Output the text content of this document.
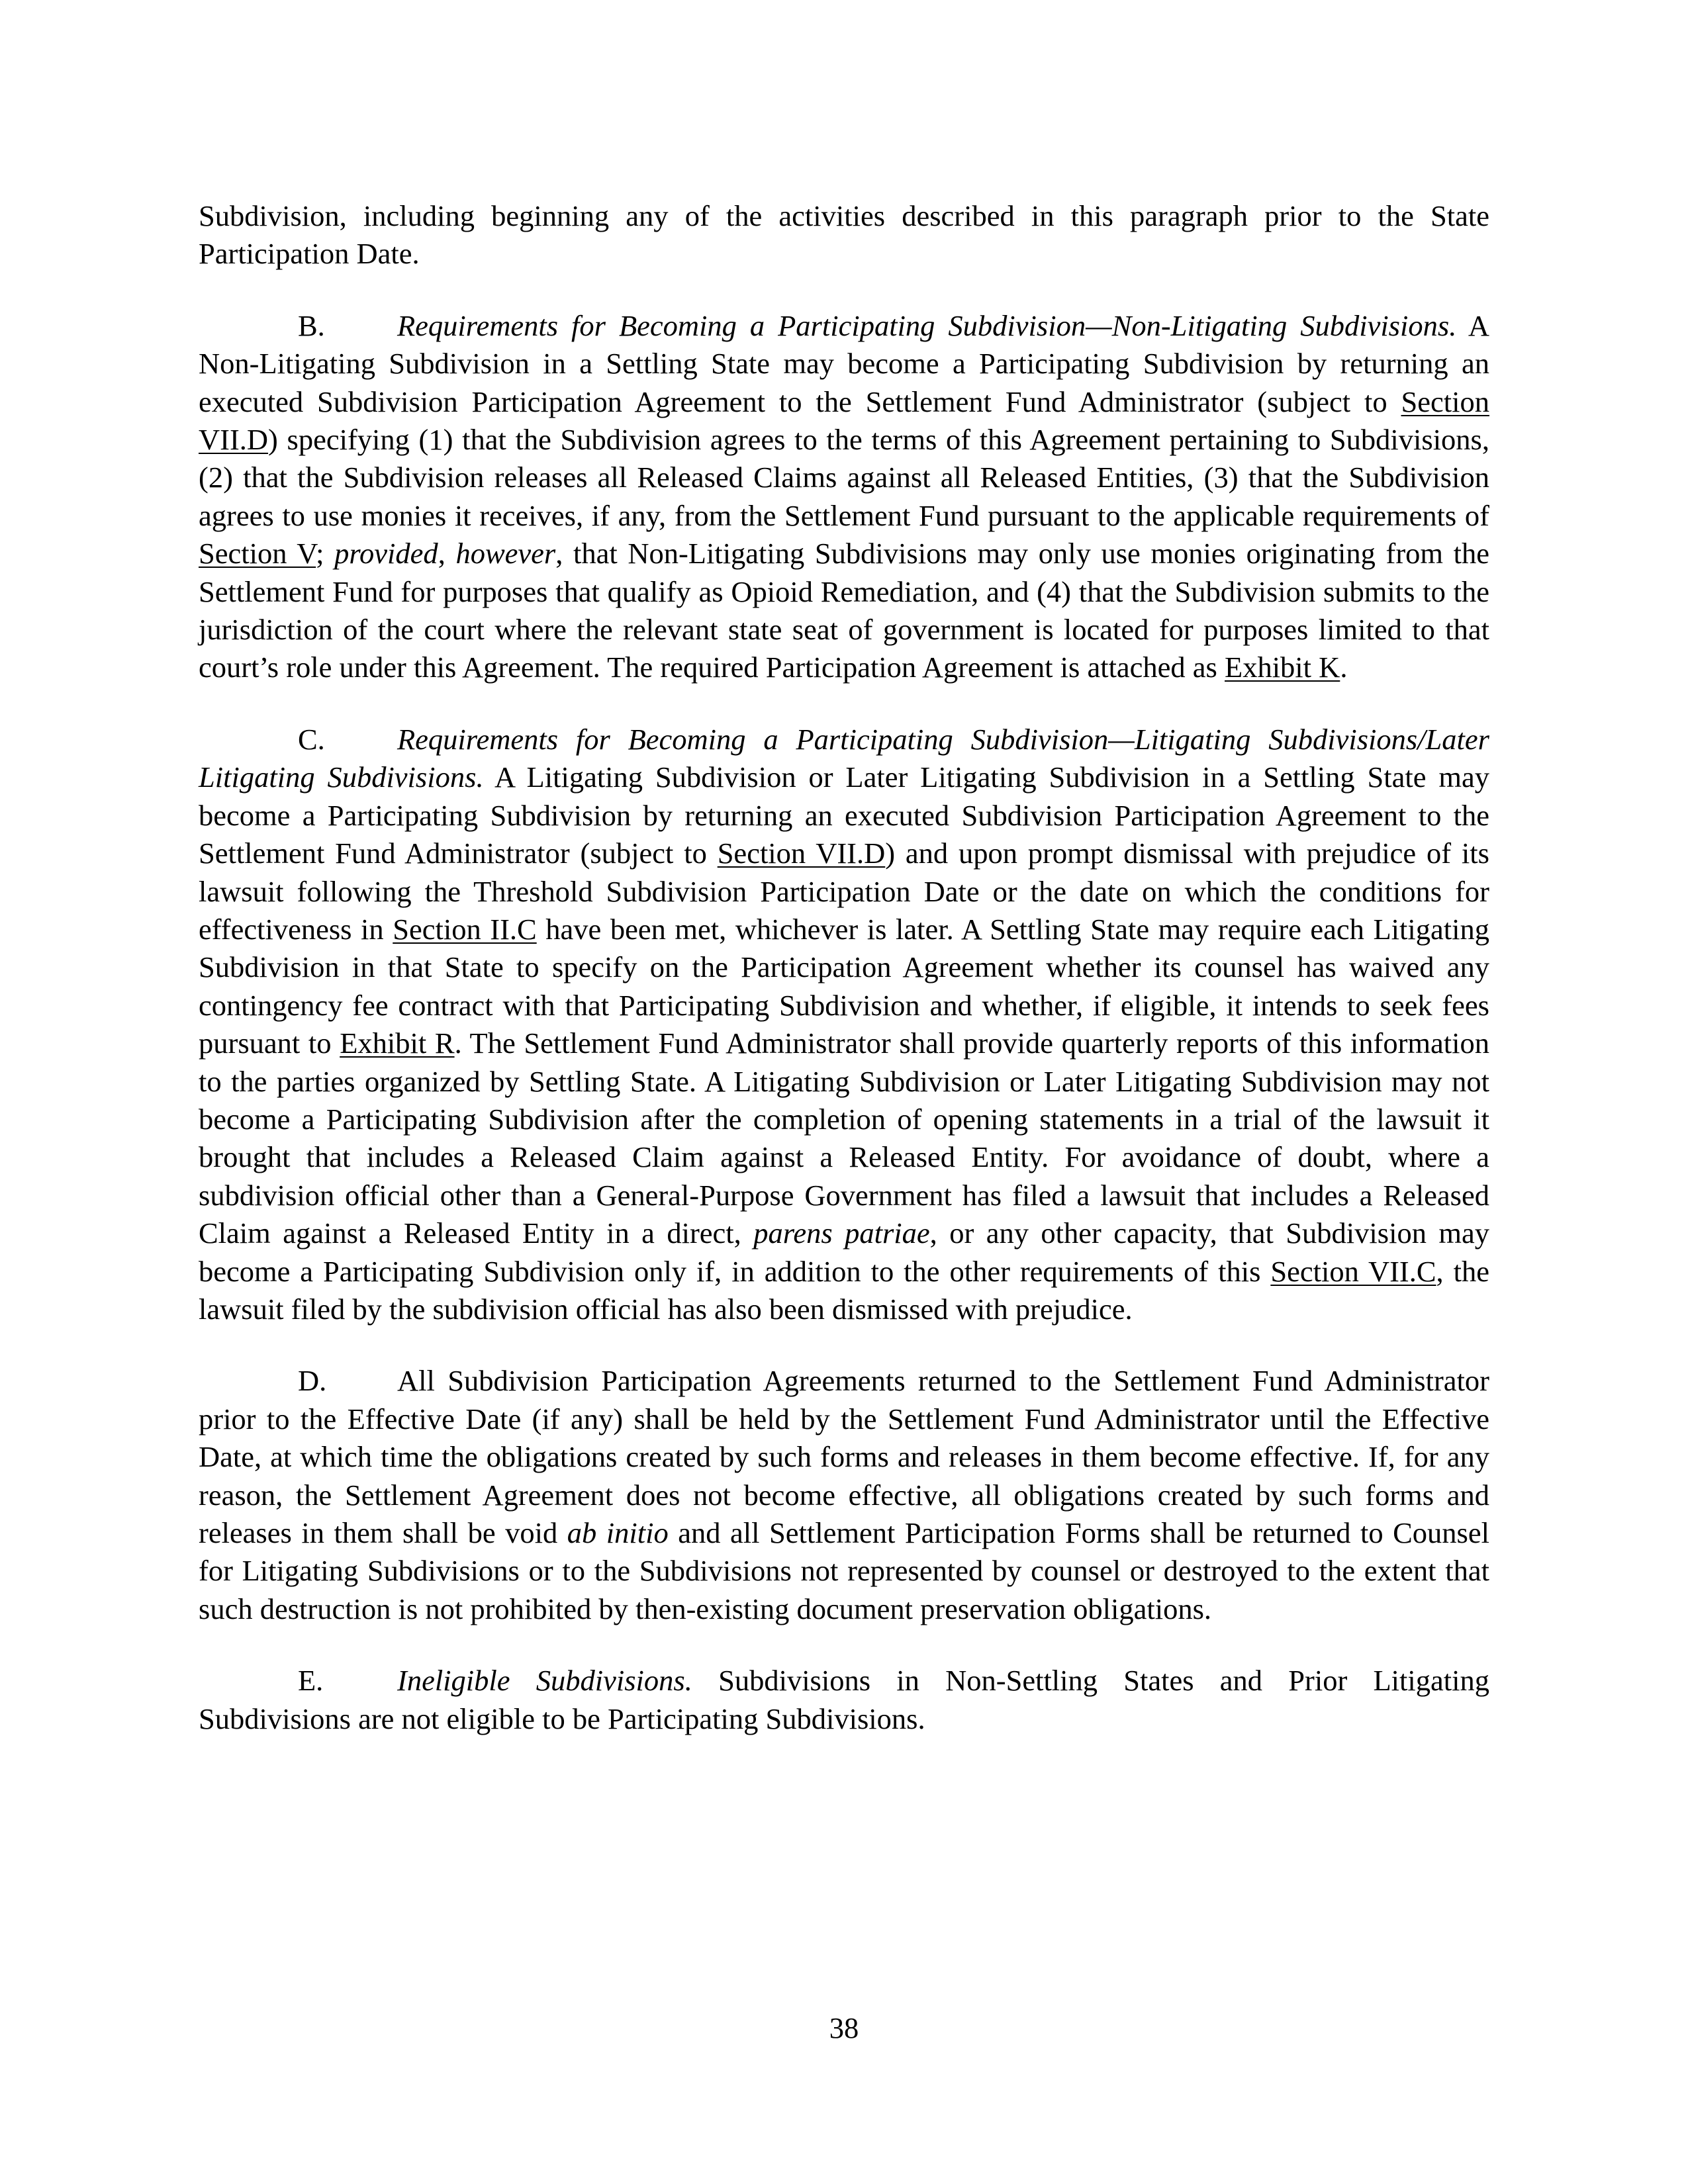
Subdivision, including beginning any of the activities described in this paragraph prior to the State Participation Date.

B. Requirements for Becoming a Participating Subdivision—Non-Litigating Subdivisions. A Non-Litigating Subdivision in a Settling State may become a Participating Subdivision by returning an executed Subdivision Participation Agreement to the Settlement Fund Administrator (subject to Section VII.D) specifying (1) that the Subdivision agrees to the terms of this Agreement pertaining to Subdivisions, (2) that the Subdivision releases all Released Claims against all Released Entities, (3) that the Subdivision agrees to use monies it receives, if any, from the Settlement Fund pursuant to the applicable requirements of Section V; provided, however, that Non-Litigating Subdivisions may only use monies originating from the Settlement Fund for purposes that qualify as Opioid Remediation, and (4) that the Subdivision submits to the jurisdiction of the court where the relevant state seat of government is located for purposes limited to that court’s role under this Agreement. The required Participation Agreement is attached as Exhibit K.

C. Requirements for Becoming a Participating Subdivision—Litigating Subdivisions/Later Litigating Subdivisions. A Litigating Subdivision or Later Litigating Subdivision in a Settling State may become a Participating Subdivision by returning an executed Subdivision Participation Agreement to the Settlement Fund Administrator (subject to Section VII.D) and upon prompt dismissal with prejudice of its lawsuit following the Threshold Subdivision Participation Date or the date on which the conditions for effectiveness in Section II.C have been met, whichever is later. A Settling State may require each Litigating Subdivision in that State to specify on the Participation Agreement whether its counsel has waived any contingency fee contract with that Participating Subdivision and whether, if eligible, it intends to seek fees pursuant to Exhibit R. The Settlement Fund Administrator shall provide quarterly reports of this information to the parties organized by Settling State. A Litigating Subdivision or Later Litigating Subdivision may not become a Participating Subdivision after the completion of opening statements in a trial of the lawsuit it brought that includes a Released Claim against a Released Entity. For avoidance of doubt, where a subdivision official other than a General-Purpose Government has filed a lawsuit that includes a Released Claim against a Released Entity in a direct, parens patriae, or any other capacity, that Subdivision may become a Participating Subdivision only if, in addition to the other requirements of this Section VII.C, the lawsuit filed by the subdivision official has also been dismissed with prejudice.

D. All Subdivision Participation Agreements returned to the Settlement Fund Administrator prior to the Effective Date (if any) shall be held by the Settlement Fund Administrator until the Effective Date, at which time the obligations created by such forms and releases in them become effective. If, for any reason, the Settlement Agreement does not become effective, all obligations created by such forms and releases in them shall be void ab initio and all Settlement Participation Forms shall be returned to Counsel for Litigating Subdivisions or to the Subdivisions not represented by counsel or destroyed to the extent that such destruction is not prohibited by then-existing document preservation obligations.

E.	Ineligible Subdivisions. Subdivisions in Non-Settling States and Prior Litigating Subdivisions are not eligible to be Participating Subdivisions.

38
